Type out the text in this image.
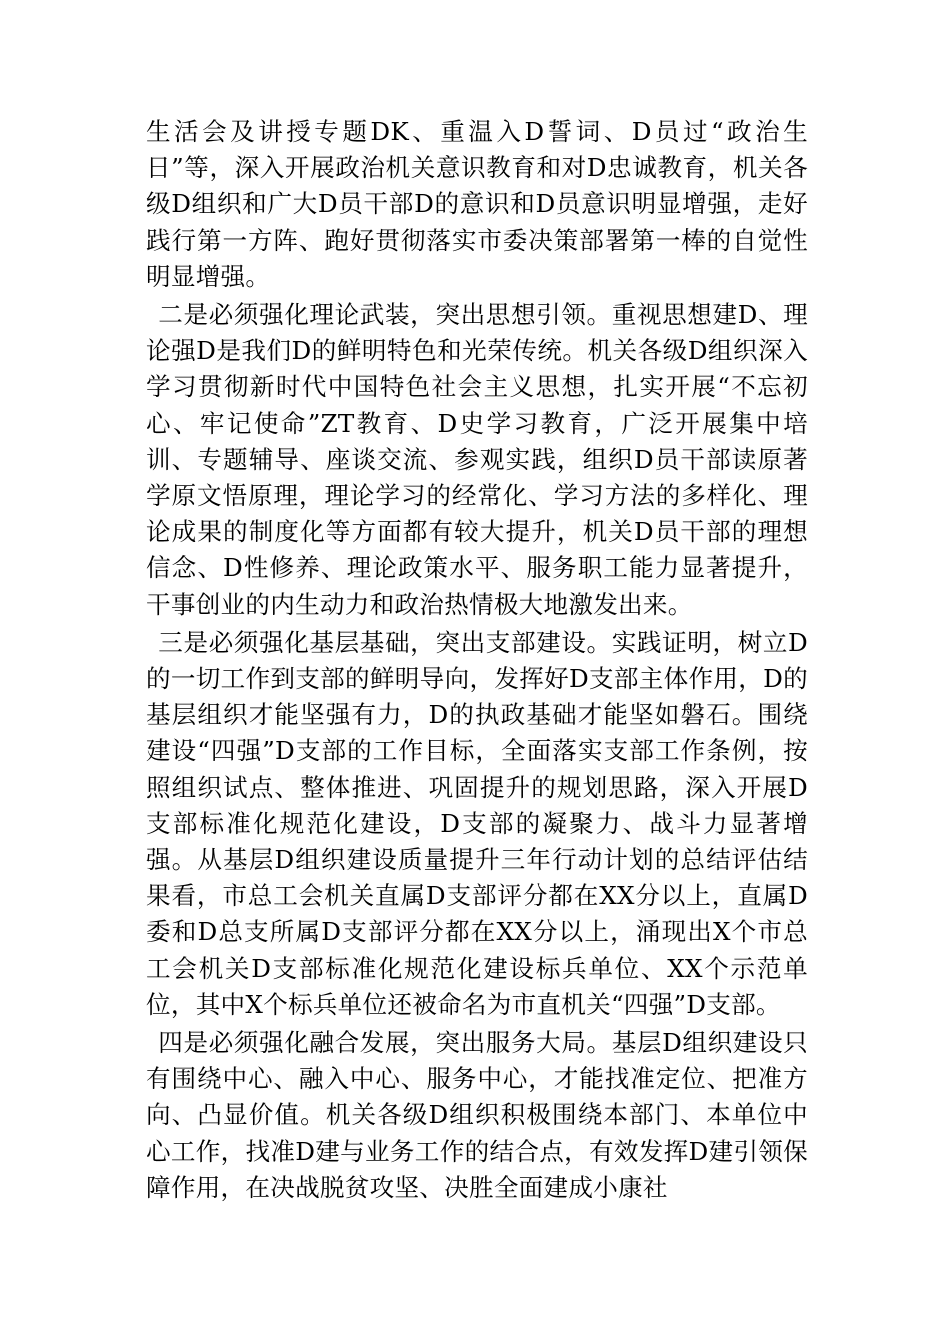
生活会及讲授专题DK、重温入D誓词、D员过“政治生日”等，深入开展政治机关意识教育和对D忠诚教育，机关各级D组织和广大D员干部D的意识和D员意识明显增强，走好践行第一方阵、跑好贯彻落实市委决策部署第一棒的自觉性明显增强。

二是必须强化理论武装，突出思想引领。重视思想建D、理论强D是我们D的鲜明特色和光荣传统。机关各级D组织深入学习贯彻新时代中国特色社会主义思想，扎实开展“不忘初心、牢记使命”ZT教育、D史学习教育，广泛开展集中培训、专题辅导、座谈交流、参观实践，组织D员干部读原著学原文悟原理，理论学习的经常化、学习方法的多样化、理论成果的制度化等方面都有较大提升，机关D员干部的理想信念、D性修养、理论政策水平、服务职工能力显著提升，干事创业的内生动力和政治热情极大地激发出来。

三是必须强化基层基础，突出支部建设。实践证明，树立D的一切工作到支部的鲜明导向，发挥好D支部主体作用，D的基层组织才能坚强有力，D的执政基础才能坚如磐石。围绕建设“四强”D支部的工作目标，全面落实支部工作条例，按照组织试点、整体推进、巩固提升的规划思路，深入开展D支部标准化规范化建设，D支部的凝聚力、战斗力显著增强。从基层D组织建设质量提升三年行动计划的总结评估结果看，市总工会机关直属D支部评分都在XX分以上，直属D委和D总支所属D支部评分都在XX分以上，涌现出X个市总工会机关D支部标准化规范化建设标兵单位、XX个示范单位，其中X个标兵单位还被命名为市直机关“四强”D支部。

四是必须强化融合发展，突出服务大局。基层D组织建设只有围绕中心、融入中心、服务中心，才能找准定位、把准方向、凸显价值。机关各级D组织积极围绕本部门、本单位中心工作，找准D建与业务工作的结合点，有效发挥D建引领保障作用，在决战脱贫攻坚、决胜全面建成小康社
